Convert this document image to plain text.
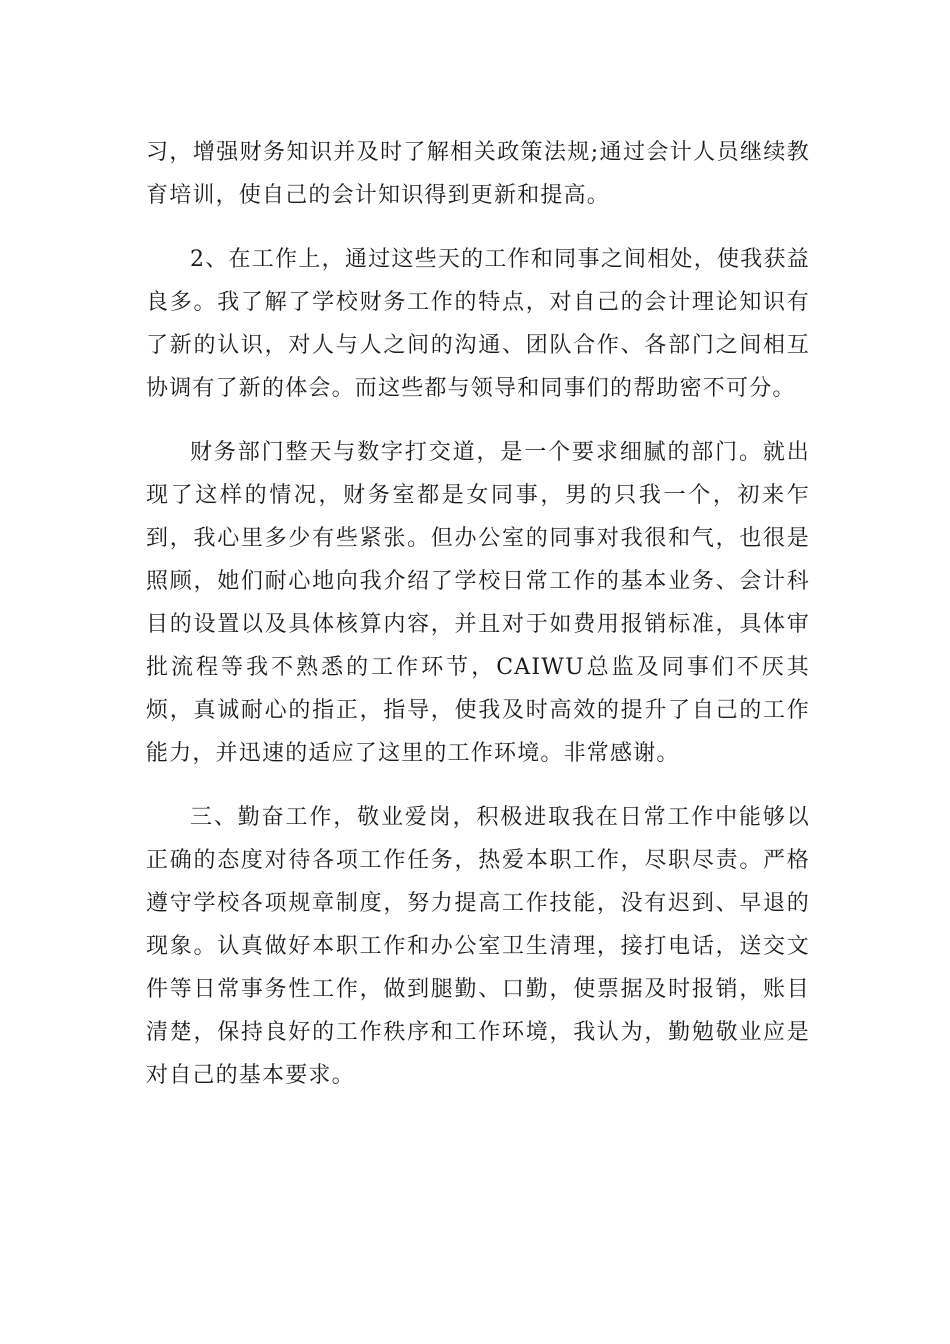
习，增强财务知识并及时了解相关政策法规;通过会计人员继续教育培训，使自己的会计知识得到更新和提高。

2、在工作上，通过这些天的工作和同事之间相处，使我获益良多。我了解了学校财务工作的特点，对自己的会计理论知识有了新的认识，对人与人之间的沟通、团队合作、各部门之间相互协调有了新的体会。而这些都与领导和同事们的帮助密不可分。

财务部门整天与数字打交道，是一个要求细腻的部门。就出现了这样的情况，财务室都是女同事，男的只我一个，初来乍到，我心里多少有些紧张。但办公室的同事对我很和气，也很是照顾，她们耐心地向我介绍了学校日常工作的基本业务、会计科目的设置以及具体核算内容，并且对于如费用报销标准，具体审批流程等我不熟悉的工作环节，CAIWU总监及同事们不厌其烦，真诚耐心的指正，指导，使我及时高效的提升了自己的工作能力，并迅速的适应了这里的工作环境。非常感谢。

三、勤奋工作，敬业爱岗，积极进取我在日常工作中能够以正确的态度对待各项工作任务，热爱本职工作，尽职尽责。严格遵守学校各项规章制度，努力提高工作技能，没有迟到、早退的现象。认真做好本职工作和办公室卫生清理，接打电话，送交文件等日常事务性工作，做到腿勤、口勤，使票据及时报销，账目清楚，保持良好的工作秩序和工作环境，我认为，勤勉敬业应是对自己的基本要求。
